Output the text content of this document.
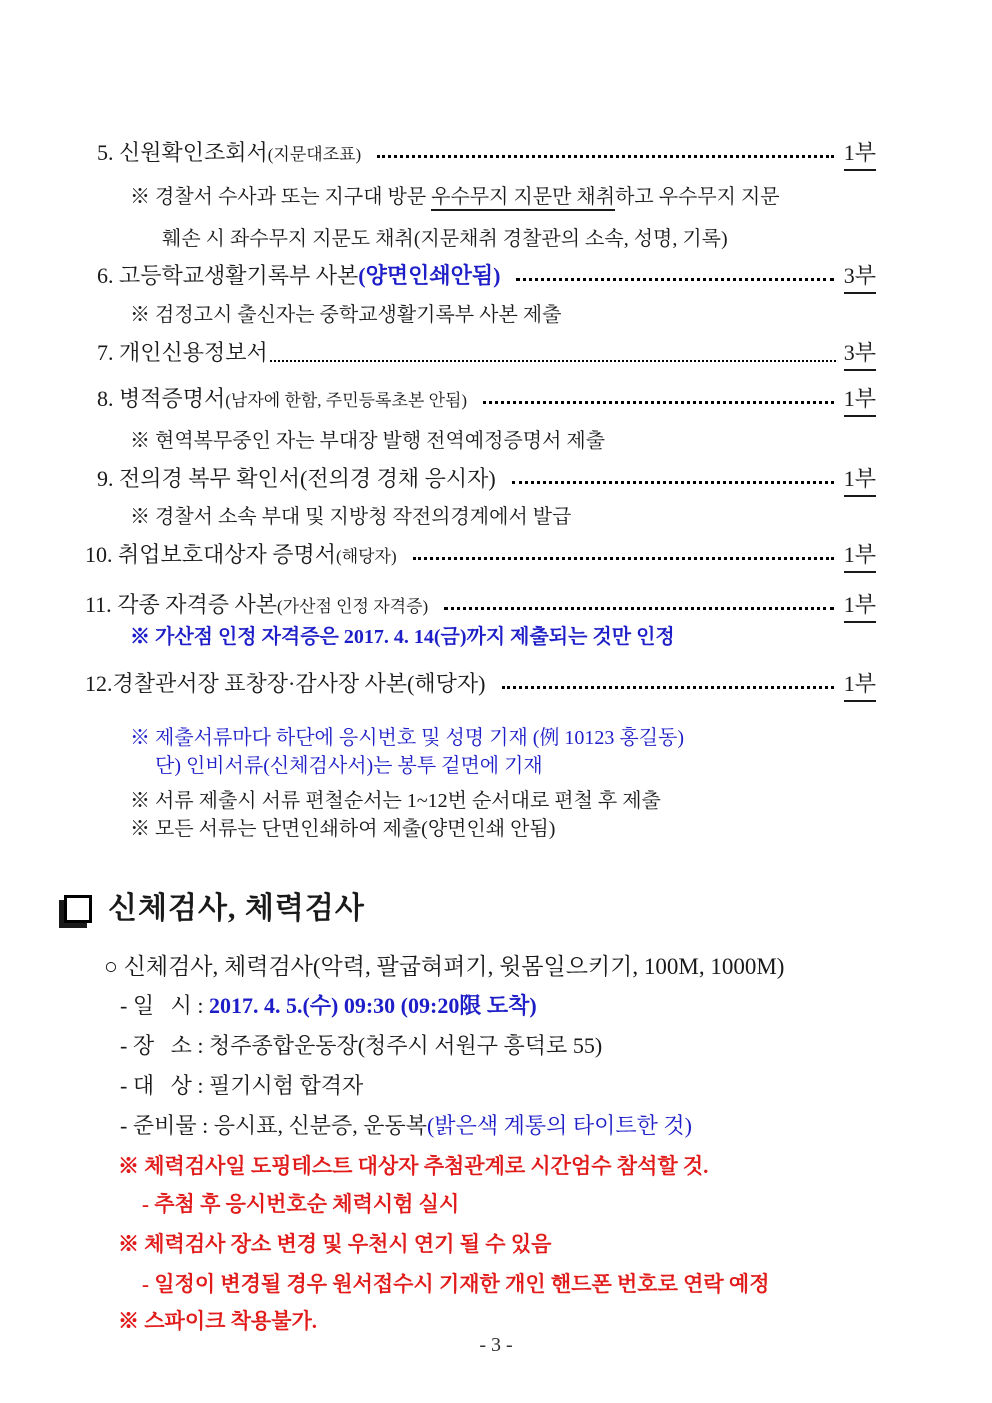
5. 신원확인조회서(지문대조표)	1부
※ 경찰서 수사과 또는 지구대 방문 우수무지 지문만 채취하고 우수무지 지문
훼손 시 좌수무지 지문도 채취(지문채취 경찰관의 소속, 성명, 기록)
6. 고등학교생활기록부 사본(양면인쇄안됨)	3부
※ 검정고시 출신자는 중학교생활기록부 사본 제출
7. 개인신용정보서	3부
8. 병적증명서(남자에 한함, 주민등록초본 안됨)	1부
※ 현역복무중인 자는 부대장 발행 전역예정증명서 제출
9. 전의경 복무 확인서(전의경 경채 응시자)	1부
※ 경찰서 소속 부대 및 지방청 작전의경계에서 발급
10. 취업보호대상자 증명서(해당자)	1부
11. 각종 자격증 사본(가산점 인정 자격증)	1부
※ 가산점 인정 자격증은 2017. 4. 14(금)까지 제출되는 것만 인정
12.경찰관서장 표창장·감사장 사본(해당자)	1부
※ 제출서류마다 하단에 응시번호 및 성명 기재 (例 10123 홍길동)
단) 인비서류(신체검사서)는 봉투 겉면에 기재
※ 서류 제출시 서류 편철순서는 1~12번 순서대로 편철 후 제출
※ 모든 서류는 단면인쇄하여 제출(양면인쇄 안됨)
신체검사, 체력검사
○ 신체검사, 체력검사(악력, 팔굽혀펴기, 윗몸일으키기, 100M, 1000M)
- 일   시 : 2017. 4. 5.(수) 09:30 (09:20限 도착)
- 장   소 : 청주종합운동장(청주시 서원구 흥덕로 55)
- 대   상 : 필기시험 합격자
- 준비물 : 응시표, 신분증, 운동복(밝은색 계통의 타이트한 것)
※ 체력검사일 도핑테스트 대상자 추첨관계로 시간엄수 참석할 것.
- 추첨 후 응시번호순 체력시험 실시
※ 체력검사 장소 변경 및 우천시 연기 될 수 있음
- 일정이 변경될 경우 원서접수시 기재한 개인 핸드폰 번호로 연락 예정
※ 스파이크 착용불가.
- 3 -
